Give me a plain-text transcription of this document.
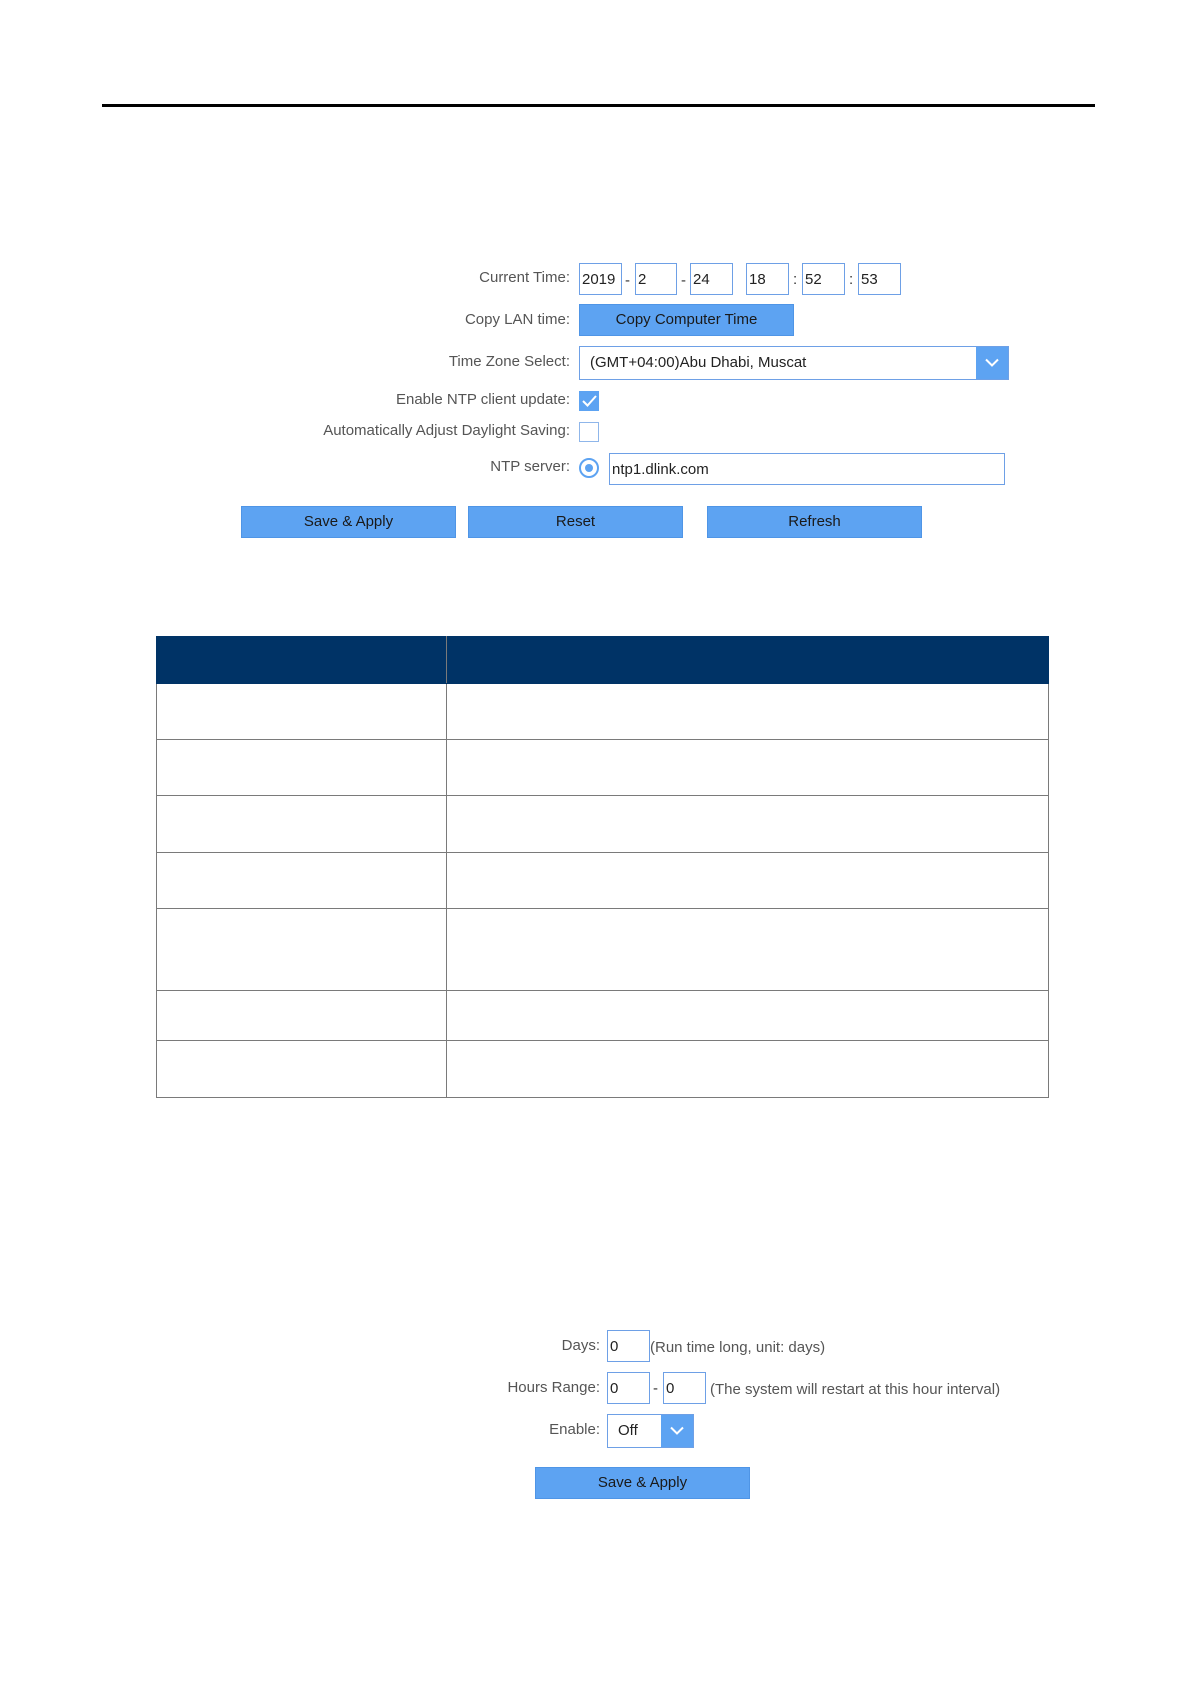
Current Time:
2019	-
2	-
24
18	:
52	:
53
Copy LAN time:	Copy Computer Time
Time Zone Select: (GMT+04:00)Abu Dhabi, Muscat
Enable NTP client update:
Automatically Adjust Daylight Saving:
NTP server:
ntp1.dlink.com
Save & Apply	Reset	Refresh

Days:
0	(Run time long, unit: days)
Hours Range:
0	-
0	(The system will restart at this hour interval)
Enable: Off
Save & Apply
